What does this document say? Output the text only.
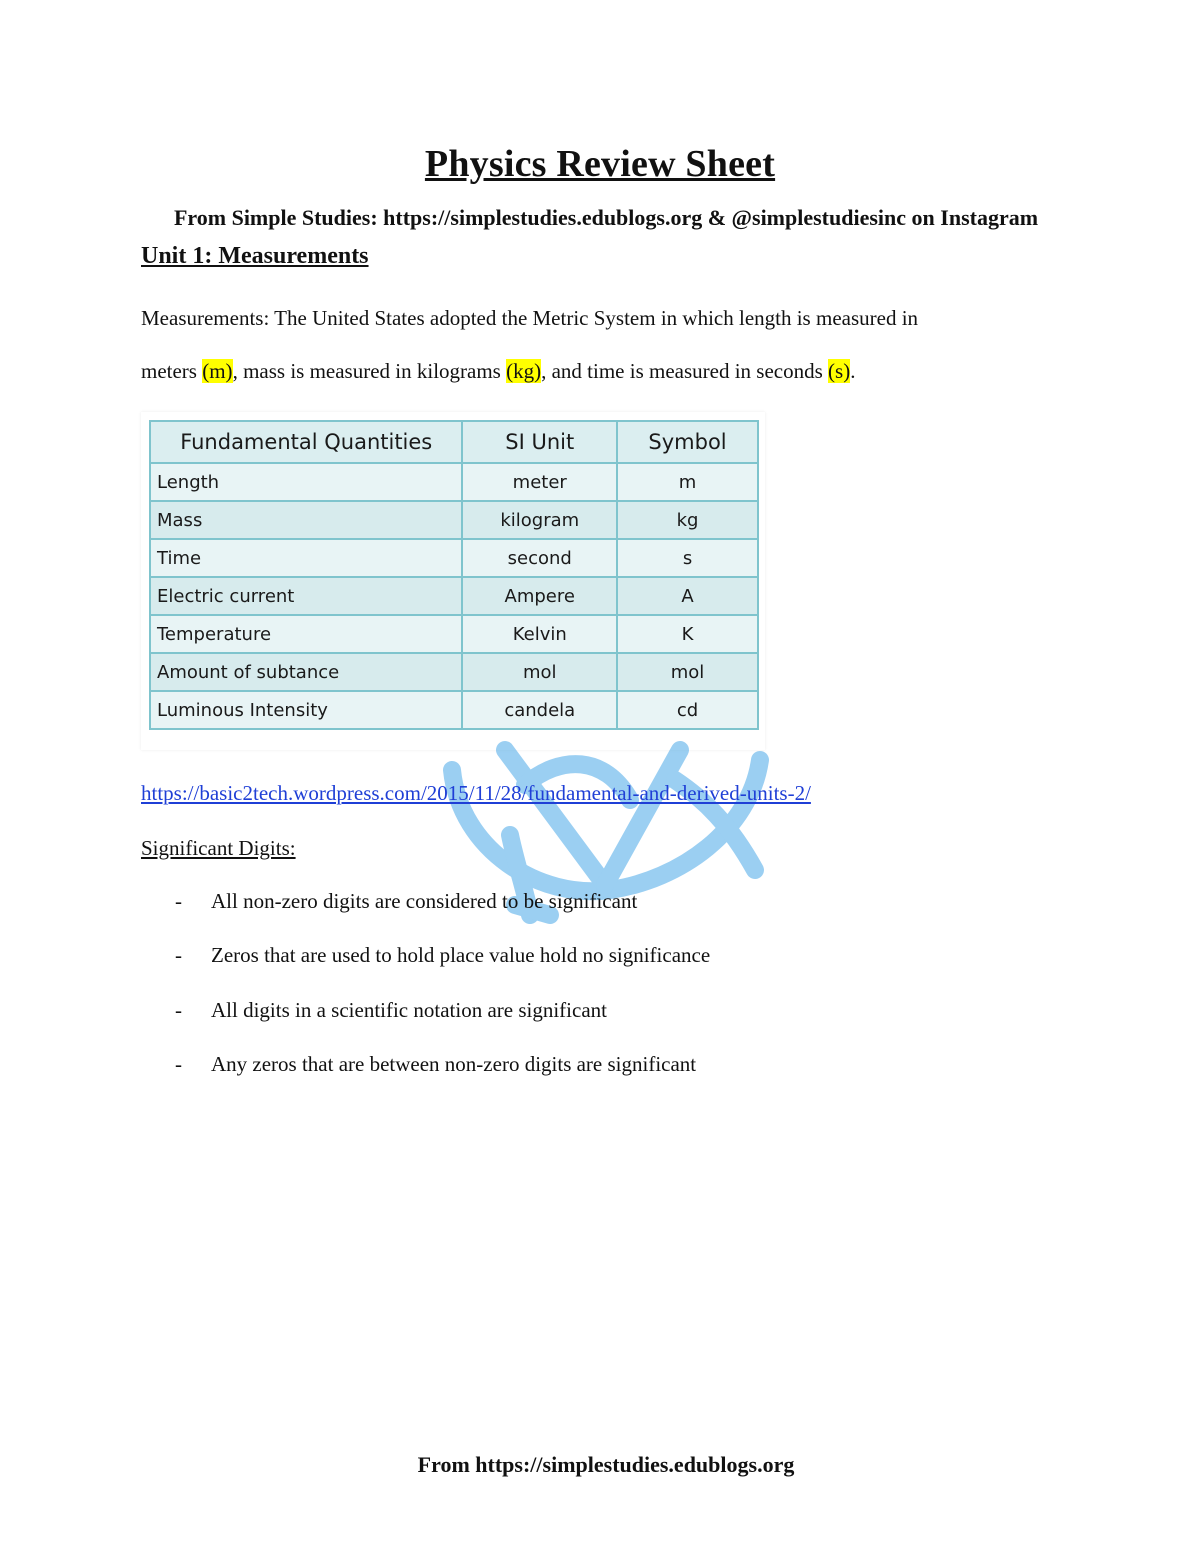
Physics Review Sheet
From Simple Studies: https://simplestudies.edublogs.org & @simplestudiesinc on Instagram
Unit 1: Measurements
Measurements: The United States adopted the Metric System in which length is measured in
meters (m), mass is measured in kilograms (kg), and time is measured in seconds (s).
Fundamental Quantities	SI Unit	Symbol
Length	meter	m
Mass	kilogram	kg
Time	second	s
Electric current	Ampere	A
Temperature	Kelvin	K
Amount of subtance	mol	mol
Luminous Intensity	candela	cd
https://basic2tech.wordpress.com/2015/11/28/fundamental-and-derived-units-2/
Significant Digits:
- All non-zero digits are considered to be significant
- Zeros that are used to hold place value hold no significance
- All digits in a scientific notation are significant
- Any zeros that are between non-zero digits are significant
From https://simplestudies.edublogs.org
